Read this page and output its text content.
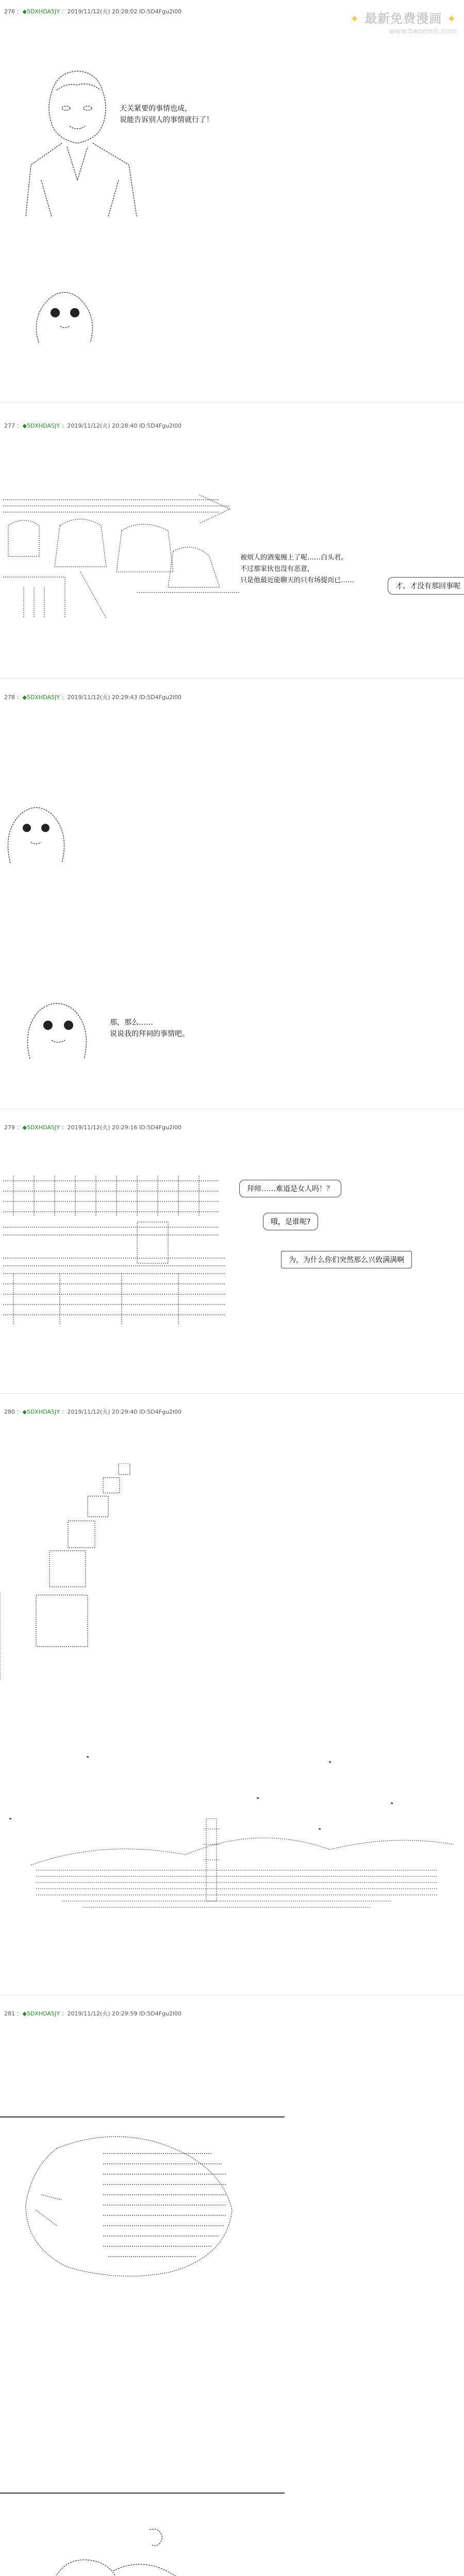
✦ 最新免费漫画 ✦
www.baozimh.com
276 ：◆5DXHDA5JY ：2019/11/12(火) 20:28:02 ID:5D4Fgu2l00
天关紧要的事情也成，
说能告诉别人的事情就行了！
277 ：◆5DXHDA5JY ：2019/11/12(火) 20:28:40 ID:5D4Fgu2l00
被烦人的酒鬼缠上了呢……白头君。
不过那家伙也没有恶意，
只是他最近能聊天的只有场提而已……
才、才没有那回事呢
278 ：◆5DXHDA5JY ：2019/11/12(火) 20:29:43 ID:5D4Fgu2l00
那，那么……
说说我的拜祠的事情吧。
279 ：◆5DXHDA5JY ：2019/11/12(火) 20:29:16 ID:5D4Fgu2l00
拜师……难道是女人吗！？
哦，是谁呢?
为，为什么你们突然那么兴致满满啊
280 ：◆5DXHDA5JY ：2019/11/12(火) 20:29:40 ID:5D4Fgu2l00
281 ：◆5DXHDA5JY ：2019/11/12(火) 20:29:59 ID:5D4Fgu2l00
